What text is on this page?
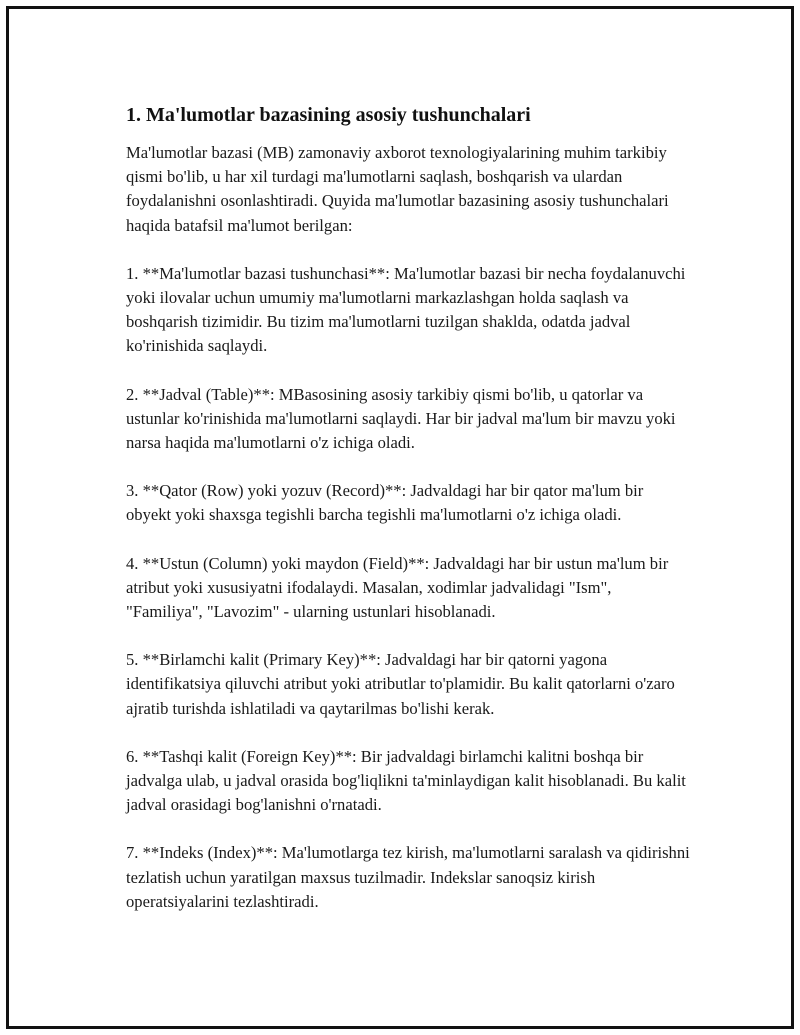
1. Ma'lumotlar bazasining asosiy tushunchalari

Ma'lumotlar bazasi (MB) zamonaviy axborot texnologiyalarining muhim tarkibiy qismi bo'lib, u har xil turdagi ma'lumotlarni saqlash, boshqarish va ulardan foydalanishni osonlashtiradi. Quyida ma'lumotlar bazasining asosiy tushunchalari haqida batafsil ma'lumot berilgan:

1. **Ma'lumotlar bazasi tushunchasi**: Ma'lumotlar bazasi bir necha foydalanuvchi yoki ilovalar uchun umumiy ma'lumotlarni markazlashgan holda saqlash va boshqarish tizimidir. Bu tizim ma'lumotlarni tuzilgan shaklda, odatda jadval ko'rinishida saqlaydi.

2. **Jadval (Table)**: MBasosining asosiy tarkibiy qismi bo'lib, u qatorlar va ustunlar ko'rinishida ma'lumotlarni saqlaydi. Har bir jadval ma'lum bir mavzu yoki narsa haqida ma'lumotlarni o'z ichiga oladi.

3. **Qator (Row) yoki yozuv (Record)**: Jadvaldagi har bir qator ma'lum bir obyekt yoki shaxsga tegishli barcha tegishli ma'lumotlarni o'z ichiga oladi.

4. **Ustun (Column) yoki maydon (Field)**: Jadvaldagi har bir ustun ma'lum bir atribut yoki xususiyatni ifodalaydi. Masalan, xodimlar jadvalidagi "Ism", "Familiya", "Lavozim" - ularning ustunlari hisoblanadi.

5. **Birlamchi kalit (Primary Key)**: Jadvaldagi har bir qatorni yagona identifikatsiya qiluvchi atribut yoki atributlar to'plamidir. Bu kalit qatorlarni o'zaro ajratib turishda ishlatiladi va qaytarilmas bo'lishi kerak.

6. **Tashqi kalit (Foreign Key)**: Bir jadvaldagi birlamchi kalitni boshqa bir jadvalga ulab, u jadval orasida bog'liqlikni ta'minlaydigan kalit hisoblanadi. Bu kalit jadval orasidagi bog'lanishni o'rnatadi.

7. **Indeks (Index)**: Ma'lumotlarga tez kirish, ma'lumotlarni saralash va qidirishni tezlatish uchun yaratilgan maxsus tuzilmadir. Indekslar sanoqsiz kirish operatsiyalarini tezlashtiradi.
